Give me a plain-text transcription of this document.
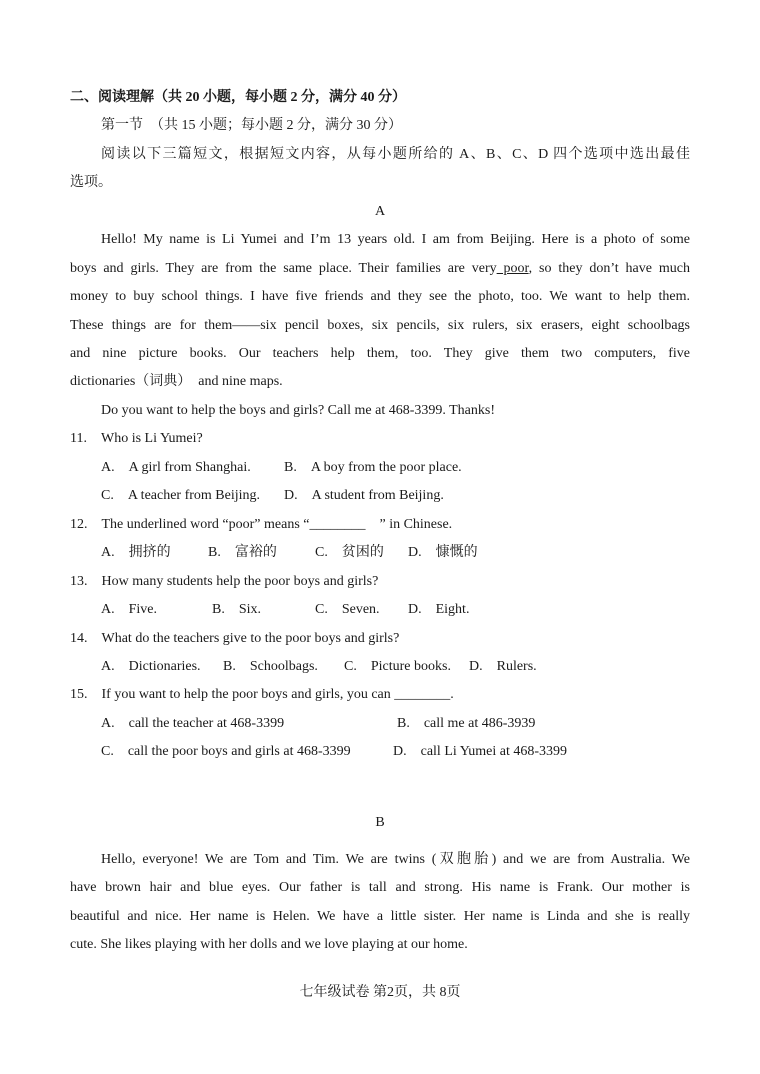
二、阅读理解（共 20 小题，每小题 2 分，满分 40 分）
第一节　（共 15 小题；每小题 2 分，满分 30 分）
阅读以下三篇短文，根据短文内容，从每小题所给的 A、B、C、D 四个选项中选出最佳
选项。
A
Hello! My name is Li Yumei and I’m 13 years old. I am from Beijing. Here is a photo of some
boys and girls. They are from the same place. Their families are very poor, so they don’t have much
money to buy school things. I have five friends and they see the photo, too. We want to help them.
These things are for them——six pencil boxes, six pencils, six rulers, six erasers, eight schoolbags
and nine picture books. Our teachers help them, too. They give them two computers, five
dictionaries（词典）　and nine maps.
Do you want to help the boys and girls? Call me at 468-3399. Thanks!
11.　Who is Li Yumei?
A.　A girl from Shanghai. B.　A boy from the poor place.
C.　A teacher from Beijing. D.　A student from Beijing.
12.　The underlined word “poor” means “________　” in Chinese.
A.　拥挤的	B.　富裕的	C.　贫困的 D.　慷慨的
13.　How many students help the poor boys and girls?
A.　Five.	B.　Six.	C.　Seven. D.　Eight.
14.　What do the teachers give to the poor boys and girls?
A.　Dictionaries. B.　Schoolbags. C.　Picture books. D.　Rulers.
15.　If you want to help the poor boys and girls, you can ________.
A.　call the teacher at 468-3399	B.　call me at 486-3939
C.　call the poor boys and girls at 468-3399	D.　call Li Yumei at 468-3399
B
Hello, everyone! We are Tom and Tim. We are twins (双胞胎) and we are from Australia. We
have brown hair and blue eyes. Our father is tall and strong. His name is Frank. Our mother is
beautiful and nice. Her name is Helen. We have a little sister. Her name is Linda and she is really
cute. She likes playing with her dolls and we love playing at our home.
七年级试卷 第2页，共 8页
